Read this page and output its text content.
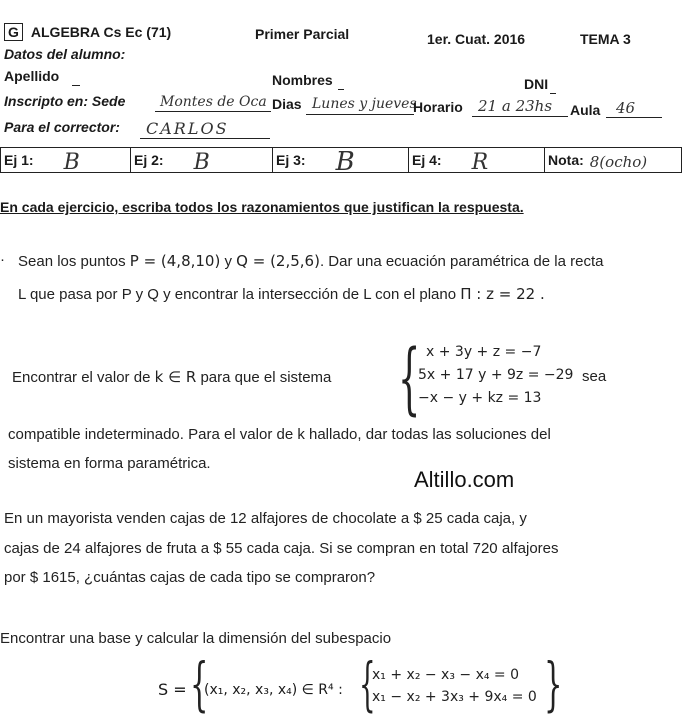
G ALGEBRA Cs Ec (71)	Primer Parcial	1er. Cuat. 2016	TEMA 3
Datos del alumno:
Apellido	Nombres	DNI
Inscripto en: Sede Montes de Oca Dias Lunes y jueves
Horario 21 a 23hs Aula 46
Para el corrector: CARLOS
Ej 1: B	Ej 2: B	Ej 3: B	Ej 4: R	Nota: 8(ocho)
En cada ejercicio, escriba todos los razonamientos que justifican la respuesta.
· Sean los puntos P = (4,8,10) y Q = (2,5,6). Dar una ecuación paramétrica de la recta
L que pasa por P y Q y encontrar la intersección de L con el plano Π : z = 22 .
Encontrar el valor de k ∈ R para que el sistema { x + 3y + z = −7
5x + 17 y + 9z = −29
−x − y + kz = 13
sea
compatible indeterminado. Para el valor de k hallado, dar todas las soluciones del
sistema en forma paramétrica.
Altillo.com
En un mayorista venden cajas de 12 alfajores de chocolate a $ 25 cada caja, y
cajas de 24 alfajores de fruta a $ 55 cada caja. Si se compran en total 720 alfajores
por $ 1615, ¿cuántas cajas de cada tipo se compraron?
Encontrar una base y calcular la dimensión del subespacio
S = {
(x₁, x₂, x₃, x₄) ∈ R⁴ : {
x₁ + x₂ − x₃ − x₄ = 0
x₁ − x₂ + 3x₃ + 9x₄ = 0 }
